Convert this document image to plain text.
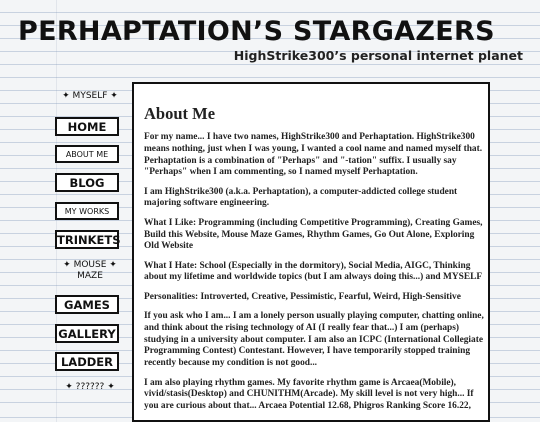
PERHAPTATION’S STARGAZERS

HighStrike300’s personal internet planet

✦ MYSELF ✦
HOME
ABOUT ME
BLOG
MY WORKS
TRINKETS
✦ MOUSE ✦
MAZE
GAMES
GALLERY
LADDER
✦ ?????? ✦
About Me

For my name... I have two names, HighStrike300 and Perhaptation. HighStrike300 means nothing, just when I was young, I wanted a cool name and named myself that. Perhaptation is a combination of "Perhaps" and "-tation" suffix. I usually say "Perhaps" when I am commenting, so I named myself Perhaptation.

I am HighStrike300 (a.k.a. Perhaptation), a computer-addicted college student majoring software engineering.

What I Like: Programming (including Competitive Programming), Creating Games, Build this Website, Mouse Maze Games, Rhythm Games, Go Out Alone, Exploring Old Website

What I Hate: School (Especially in the dormitory), Social Media, AIGC, Thinking about my lifetime and worldwide topics (but I am always doing this...) and MYSELF

Personalities: Introverted, Creative, Pessimistic, Fearful, Weird, High-Sensitive

If you ask who I am... I am a lonely person usually playing computer, chatting online, and think about the rising technology of AI (I really fear that...) I am (perhaps) studying in a university about computer. I am also an ICPC (International Collegiate Programming Contest) Contestant. However, I have temporarily stopped training recently because my condition is not good...

I am also playing rhythm games. My favorite rhythm game is Arcaea(Mobile), vivid/stasis(Desktop) and CHUNITHM(Arcade). My skill level is not very high... If you are curious about that... Arcaea Potential 12.68, Phigros Ranking Score 16.22,
